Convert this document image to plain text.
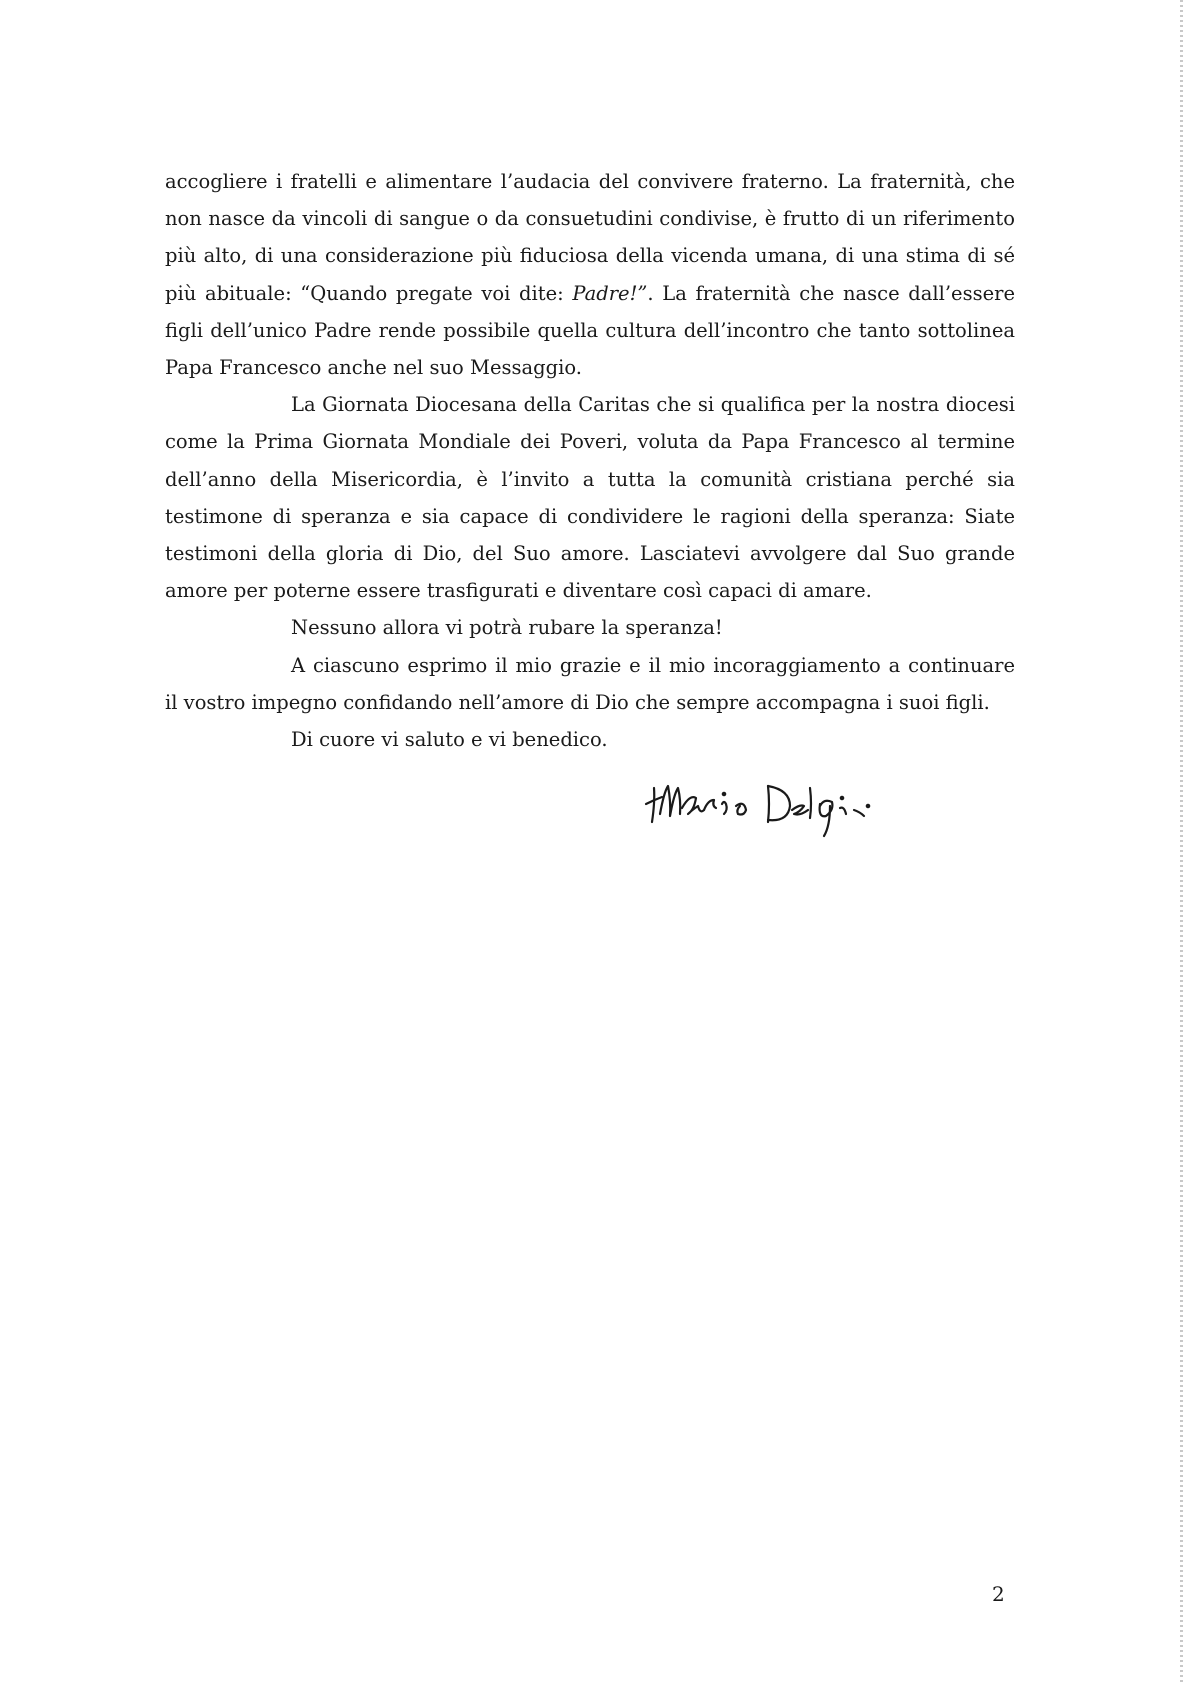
accogliere i fratelli e alimentare l’audacia del convivere fraterno. La fraternità, che non nasce da vincoli di sangue o da consuetudini condivise, è frutto di un riferimento più alto, di una considerazione più fiduciosa della vicenda umana, di una stima di sé più abituale: “Quando pregate voi dite: Padre!”. La fraternità che nasce dall’essere figli dell’unico Padre rende possibile quella cultura dell’incontro che tanto sottolinea Papa Francesco anche nel suo Messaggio.

La Giornata Diocesana della Caritas che si qualifica per la nostra diocesi come la Prima Giornata Mondiale dei Poveri, voluta da Papa Francesco al termine dell’anno della Misericordia, è l’invito a tutta la comunità cristiana perché sia testimone di speranza e sia capace di condividere le ragioni della speranza: Siate testimoni della gloria di Dio, del Suo amore. Lasciatevi avvolgere dal Suo grande amore per poterne essere trasfigurati e diventare così capaci di amare.

Nessuno allora vi potrà rubare la speranza!

A ciascuno esprimo il mio grazie e il mio incoraggiamento a continuare il vostro impegno confidando nell’amore di Dio che sempre accompagna i suoi figli.

Di cuore vi saluto e vi benedico.

2
